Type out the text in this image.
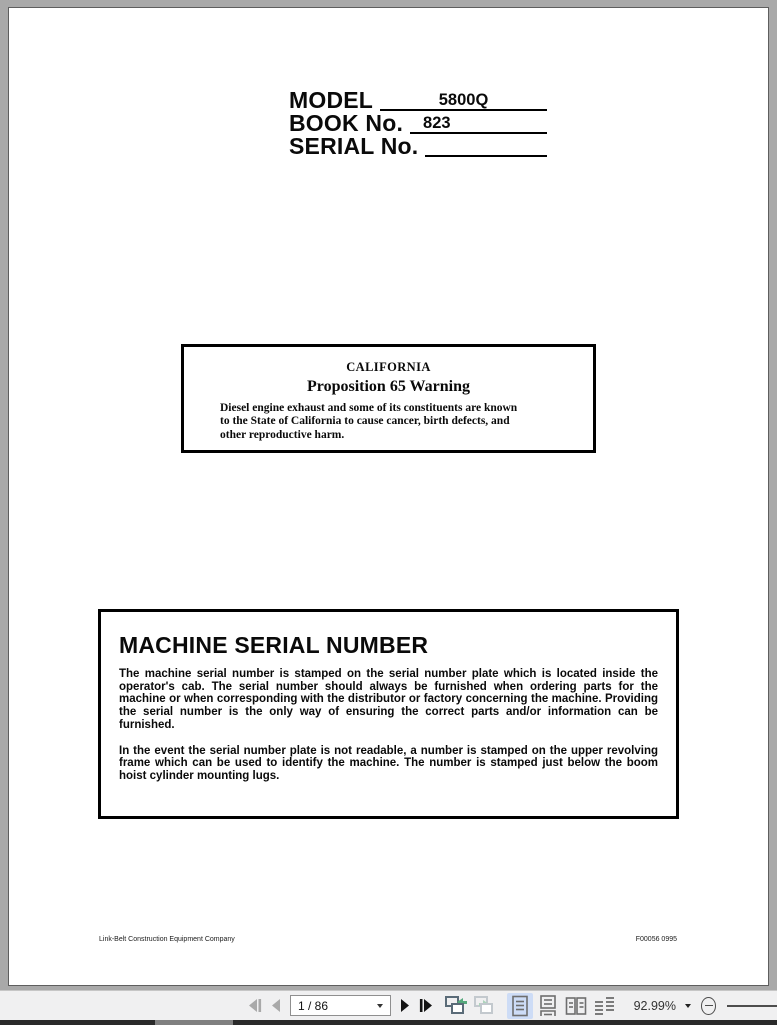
MODEL	5800Q
BOOK No.	823
SERIAL No.
CALIFORNIA
Proposition 65 Warning
Diesel engine exhaust and some of its constituents are known
to the State of California to cause cancer, birth defects, and
other reproductive harm.
MACHINE SERIAL NUMBER
The machine serial number is stamped on the serial number plate which is located inside the operator's cab. The serial number should always be furnished when ordering parts for the machine or when corresponding with the distributor or factory concerning the machine. Providing the serial number is the only way of ensuring the correct parts and/or information can be furnished.
In the event the serial number plate is not readable, a number is stamped on the upper revolving frame which can be used to identify the machine. The number is stamped just below the boom hoist cylinder mounting lugs.
Link-Belt Construction Equipment Company	F00056 0995
1 / 86	92.99%
